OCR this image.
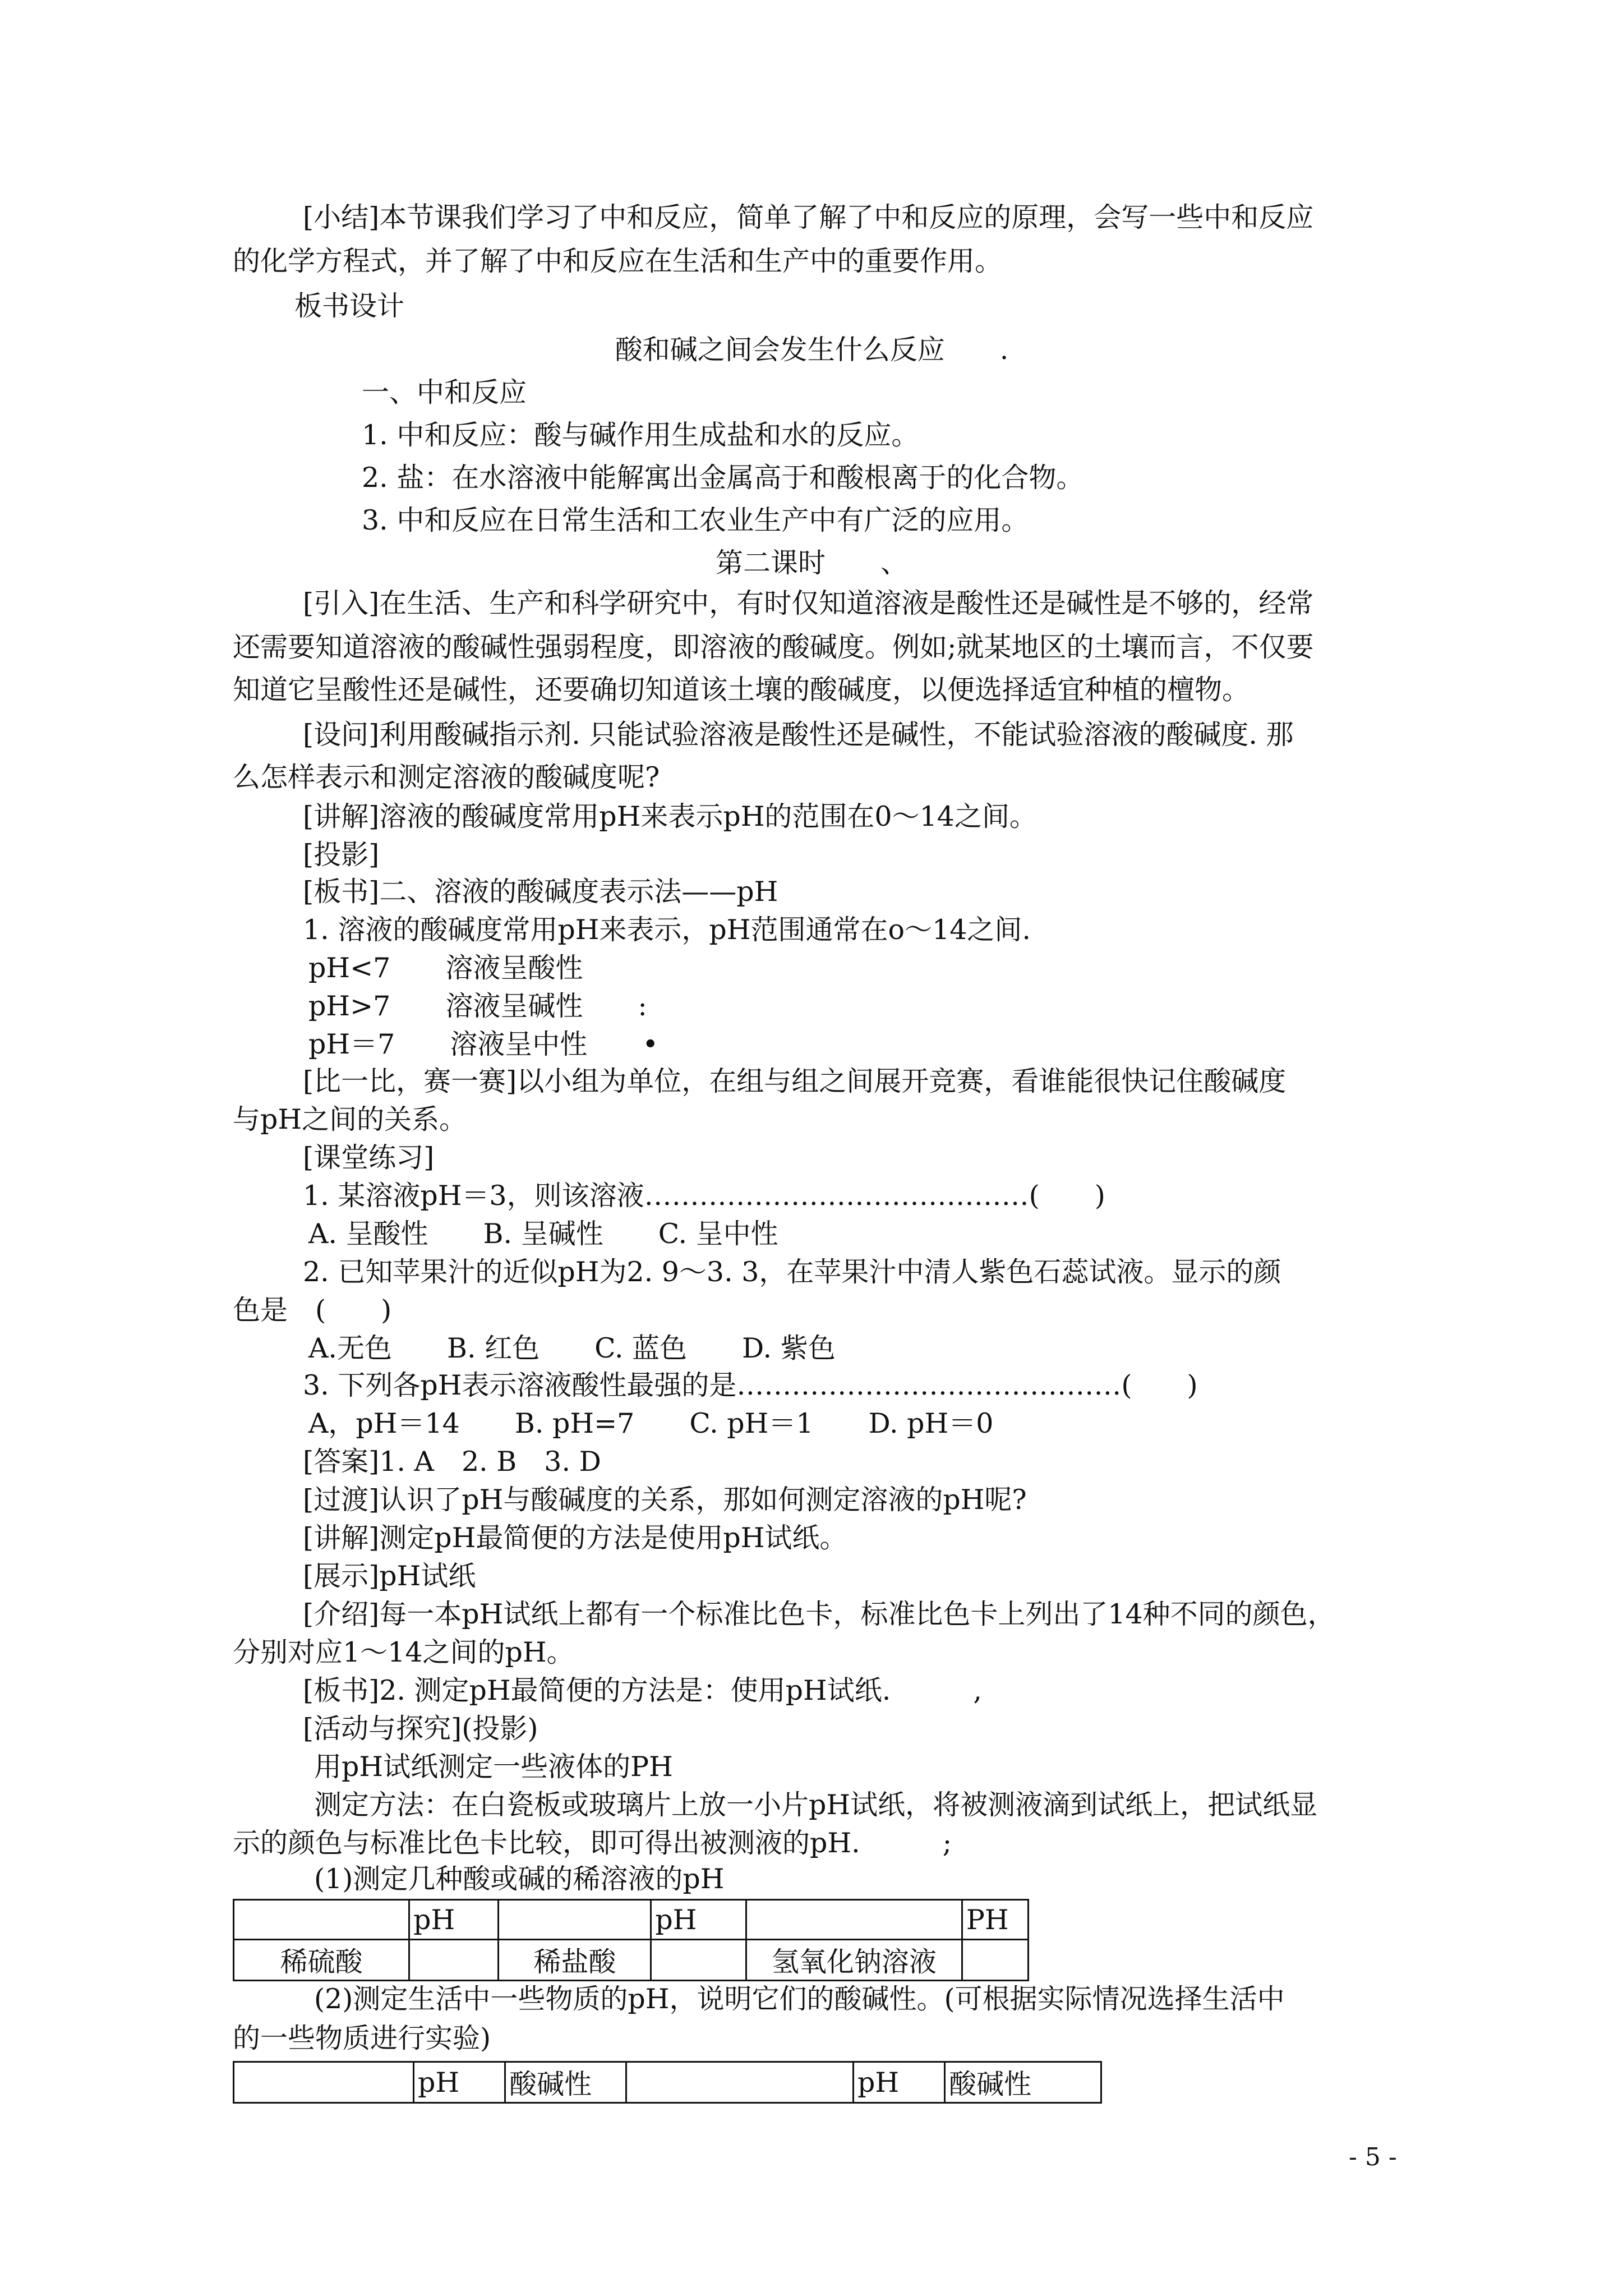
[小结]本节课我们学习了中和反应，简单了解了中和反应的原理，会写一些中和反应
的化学方程式，并了解了中和反应在生活和生产中的重要作用。
板书设计
酸和碱之间会发生什么反应　　.
一、中和反应
1. 中和反应：酸与碱作用生成盐和水的反应。
2. 盐：在水溶液中能解寓出金属高于和酸根离于的化合物。
3. 中和反应在日常生活和工农业生产中有广泛的应用。
第二课时　　、
[引入]在生活、生产和科学研究中，有时仅知道溶液是酸性还是碱性是不够的，经常
还需要知道溶液的酸碱性强弱程度，即溶液的酸碱度。例如;就某地区的土壤而言，不仅要
知道它呈酸性还是碱性，还要确切知道该土壤的酸碱度，以便选择适宜种植的檀物。
[设问]利用酸碱指示剂. 只能试验溶液是酸性还是碱性，不能试验溶液的酸碱度. 那
么怎样表示和测定溶液的酸碱度呢?
[讲解]溶液的酸碱度常用pH来表示pH的范围在0～14之间。
[投影]
[板书]二、溶液的酸碱度表示法——pH
1. 溶液的酸碱度常用pH来表示，pH范围通常在o～14之间.
pH<7　　溶液呈酸性
pH>7　　溶液呈碱性　　:
pH＝7　　溶液呈中性　　•
[比一比，赛一赛]以小组为单位，在组与组之间展开竞赛，看谁能很快记住酸碱度
与pH之间的关系。
[课堂练习]
1. 某溶液pH＝3，则该溶液……………………………………(　　)
A. 呈酸性　　B. 呈碱性　　C. 呈中性
2. 已知苹果汁的近似pH为2. 9～3. 3，在苹果汁中清人紫色石蕊试液。显示的颜
色是　(　　)
A.无色　　B. 红色　　C. 蓝色　　D. 紫色
3. 下列各pH表示溶液酸性最强的是……………………………………(　　)
A，pH＝14　　B. pH=7　　C. pH＝1　　D. pH＝0
[答案]1. A　2. B　3. D
[过渡]认识了pH与酸碱度的关系，那如何测定溶液的pH呢?
[讲解]测定pH最简便的方法是使用pH试纸。
[展示]pH试纸
[介绍]每一本pH试纸上都有一个标准比色卡，标准比色卡上列出了14种不同的颜色，
分别对应1～14之间的pH。
[板书]2. 测定pH最简便的方法是：使用pH试纸.　　　,
[活动与探究](投影)
用pH试纸测定一些液体的PH
测定方法：在白瓷板或玻璃片上放一小片pH试纸，将被测液滴到试纸上，把试纸显
示的颜色与标准比色卡比较，即可得出被测液的pH.　　　;
(1)测定几种酸或碱的稀溶液的pH
	pH		pH		PH
稀硫酸		稀盐酸		氢氧化钠溶液	
(2)测定生活中一些物质的pH，说明它们的酸碱性。(可根据实际情况选择生活中
的一些物质进行实验)
	pH	酸碱性		pH	酸碱性
- 5 -
